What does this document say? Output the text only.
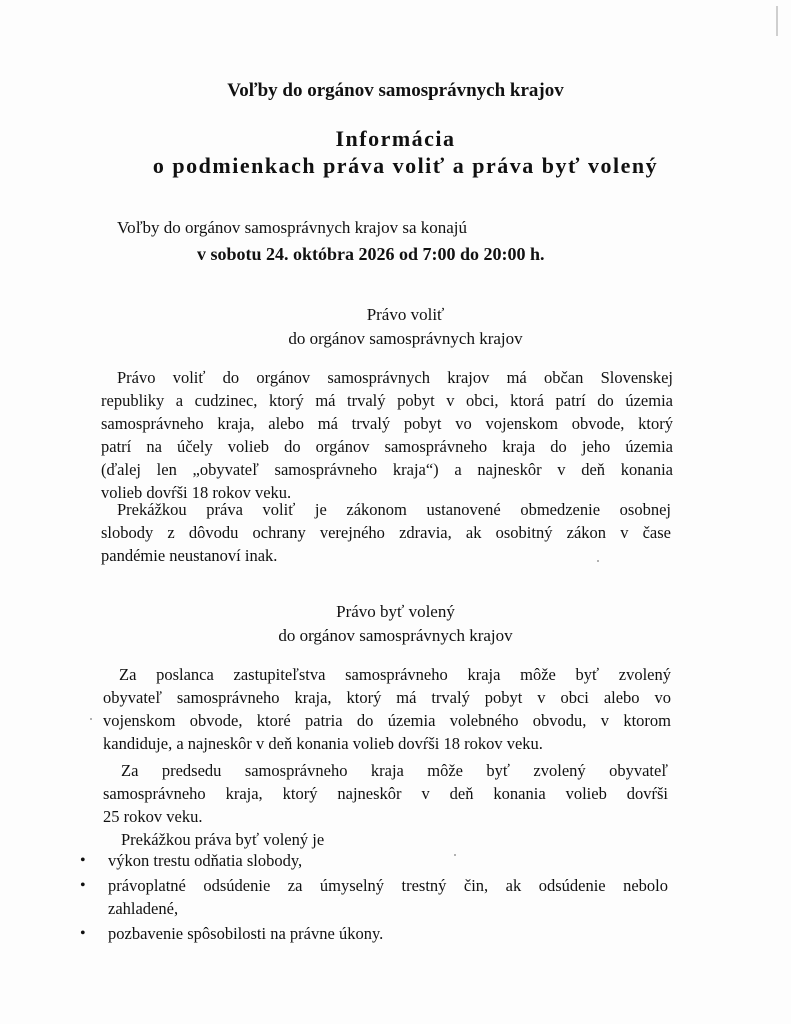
Voľby do orgánov samosprávnych krajov
Informácia
o podmienkach práva voliť a práva byť volený
Voľby do orgánov samosprávnych krajov sa konajú
v sobotu 24. októbra 2026 od 7:00 do 20:00 h.
Právo voliť
do orgánov samosprávnych krajov
Právo voliť do orgánov samosprávnych krajov má občan Slovenskej
republiky a cudzinec, ktorý má trvalý pobyt v obci, ktorá patrí do územia
samosprávneho kraja, alebo má trvalý pobyt vo vojenskom obvode, ktorý
patrí na účely volieb do orgánov samosprávneho kraja do jeho územia
(ďalej len „obyvateľ samosprávneho kraja“) a najneskôr v deň konania
volieb dovŕši 18 rokov veku.
Prekážkou práva voliť je zákonom ustanovené obmedzenie osobnej
slobody z dôvodu ochrany verejného zdravia, ak osobitný zákon v čase
pandémie neustanoví inak.
Právo byť volený
do orgánov samosprávnych krajov
Za poslanca zastupiteľstva samosprávneho kraja môže byť zvolený
obyvateľ samosprávneho kraja, ktorý má trvalý pobyt v obci alebo vo
vojenskom obvode, ktoré patria do územia volebného obvodu, v ktorom
kandiduje, a najneskôr v deň konania volieb dovŕši 18 rokov veku.
Za predsedu samosprávneho kraja môže byť zvolený obyvateľ
samosprávneho kraja, ktorý najneskôr v deň konania volieb dovŕši
25 rokov veku.
Prekážkou práva byť volený je
• výkon trestu odňatia slobody,
• právoplatné odsúdenie za úmyselný trestný čin, ak odsúdenie nebolo
zahladené,
• pozbavenie spôsobilosti na právne úkony.
